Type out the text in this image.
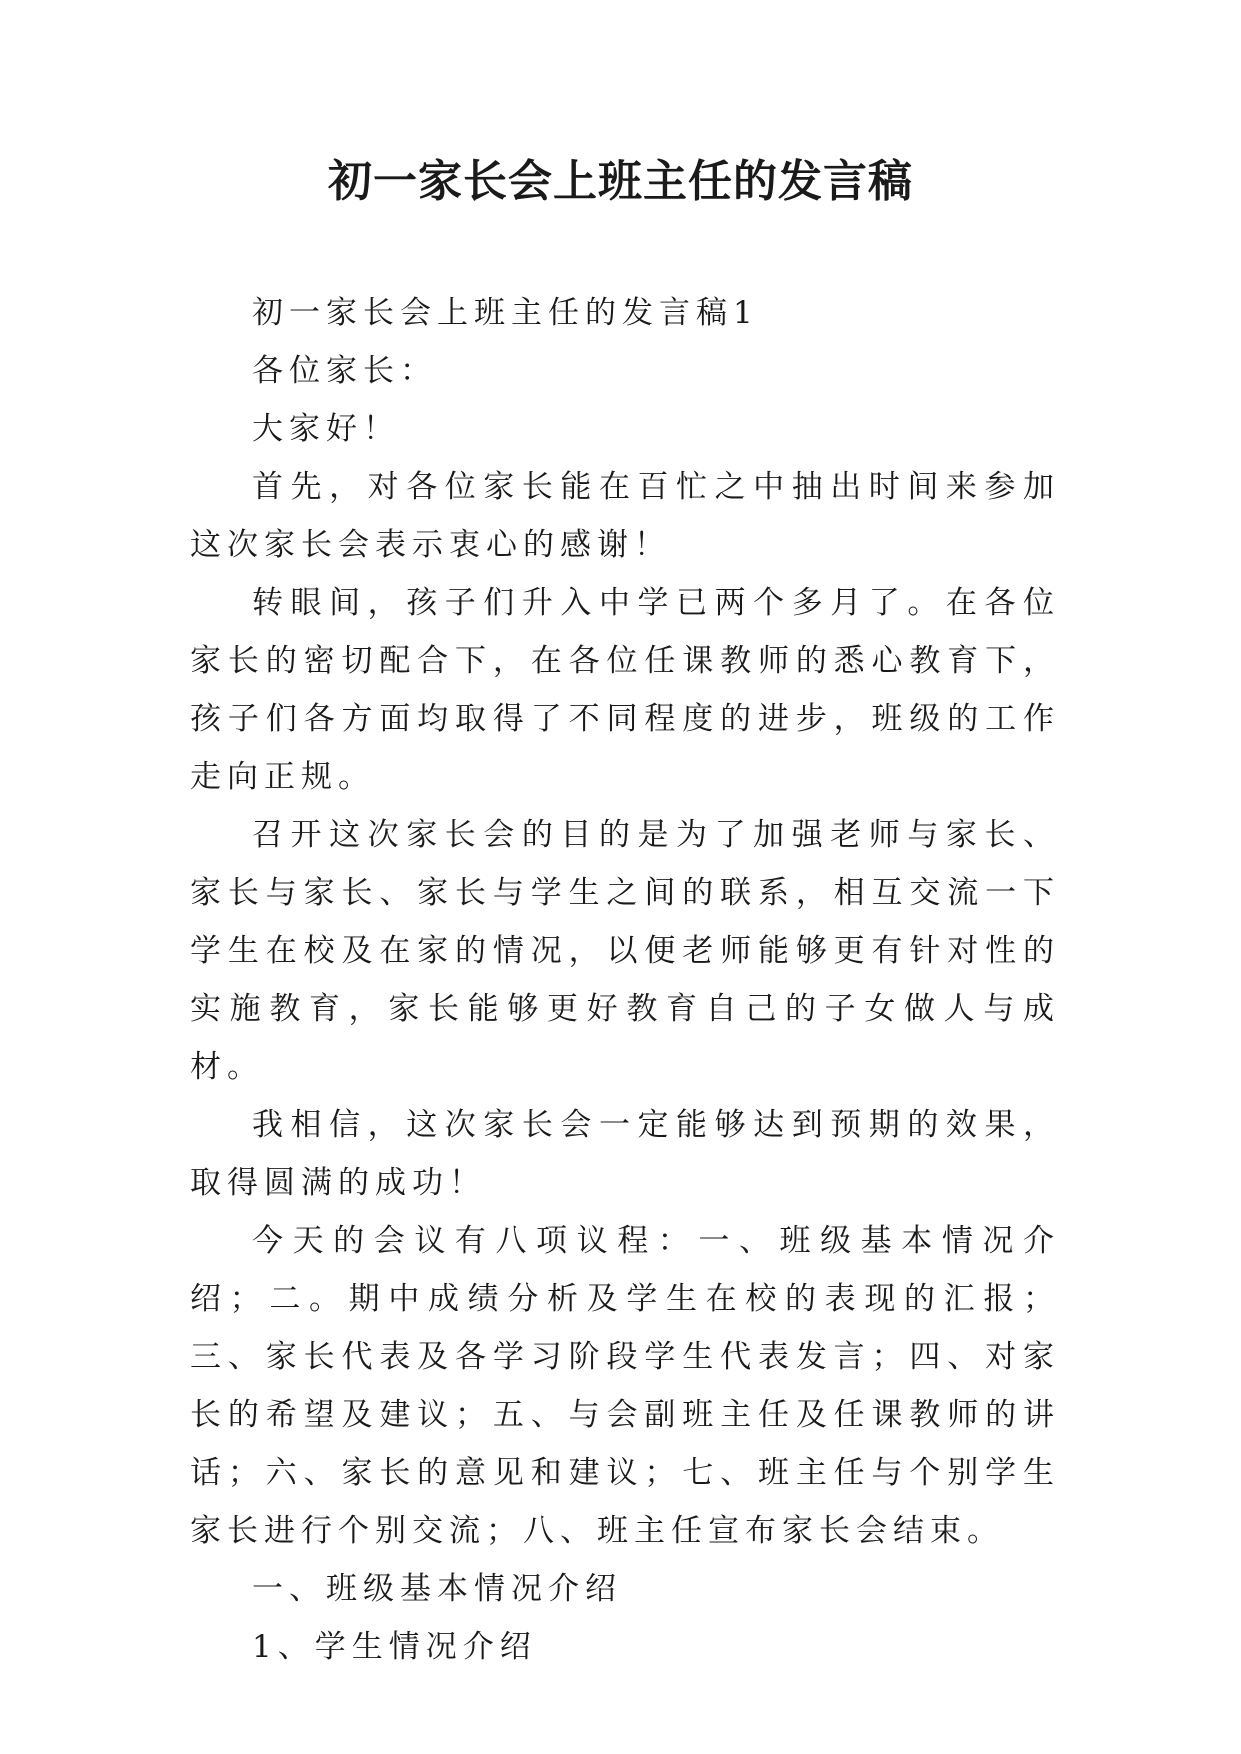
初一家长会上班主任的发言稿

初一家长会上班主任的发言稿1

各位家长：

大家好！

首先，对各位家长能在百忙之中抽出时间来参加这次家长会表示衷心的感谢！

转眼间，孩子们升入中学已两个多月了。在各位家长的密切配合下，在各位任课教师的悉心教育下，孩子们各方面均取得了不同程度的进步，班级的工作走向正规。

召开这次家长会的目的是为了加强老师与家长、家长与家长、家长与学生之间的联系，相互交流一下学生在校及在家的情况，以便老师能够更有针对性的实施教育，家长能够更好教育自己的子女做人与成材。

我相信，这次家长会一定能够达到预期的效果，取得圆满的成功！

今天的会议有八项议程：一、班级基本情况介绍；二。期中成绩分析及学生在校的表现的汇报；三、家长代表及各学习阶段学生代表发言；四、对家长的希望及建议；五、与会副班主任及任课教师的讲话；六、家长的意见和建议；七、班主任与个别学生家长进行个别交流；八、班主任宣布家长会结束。

一、班级基本情况介绍

1、学生情况介绍
